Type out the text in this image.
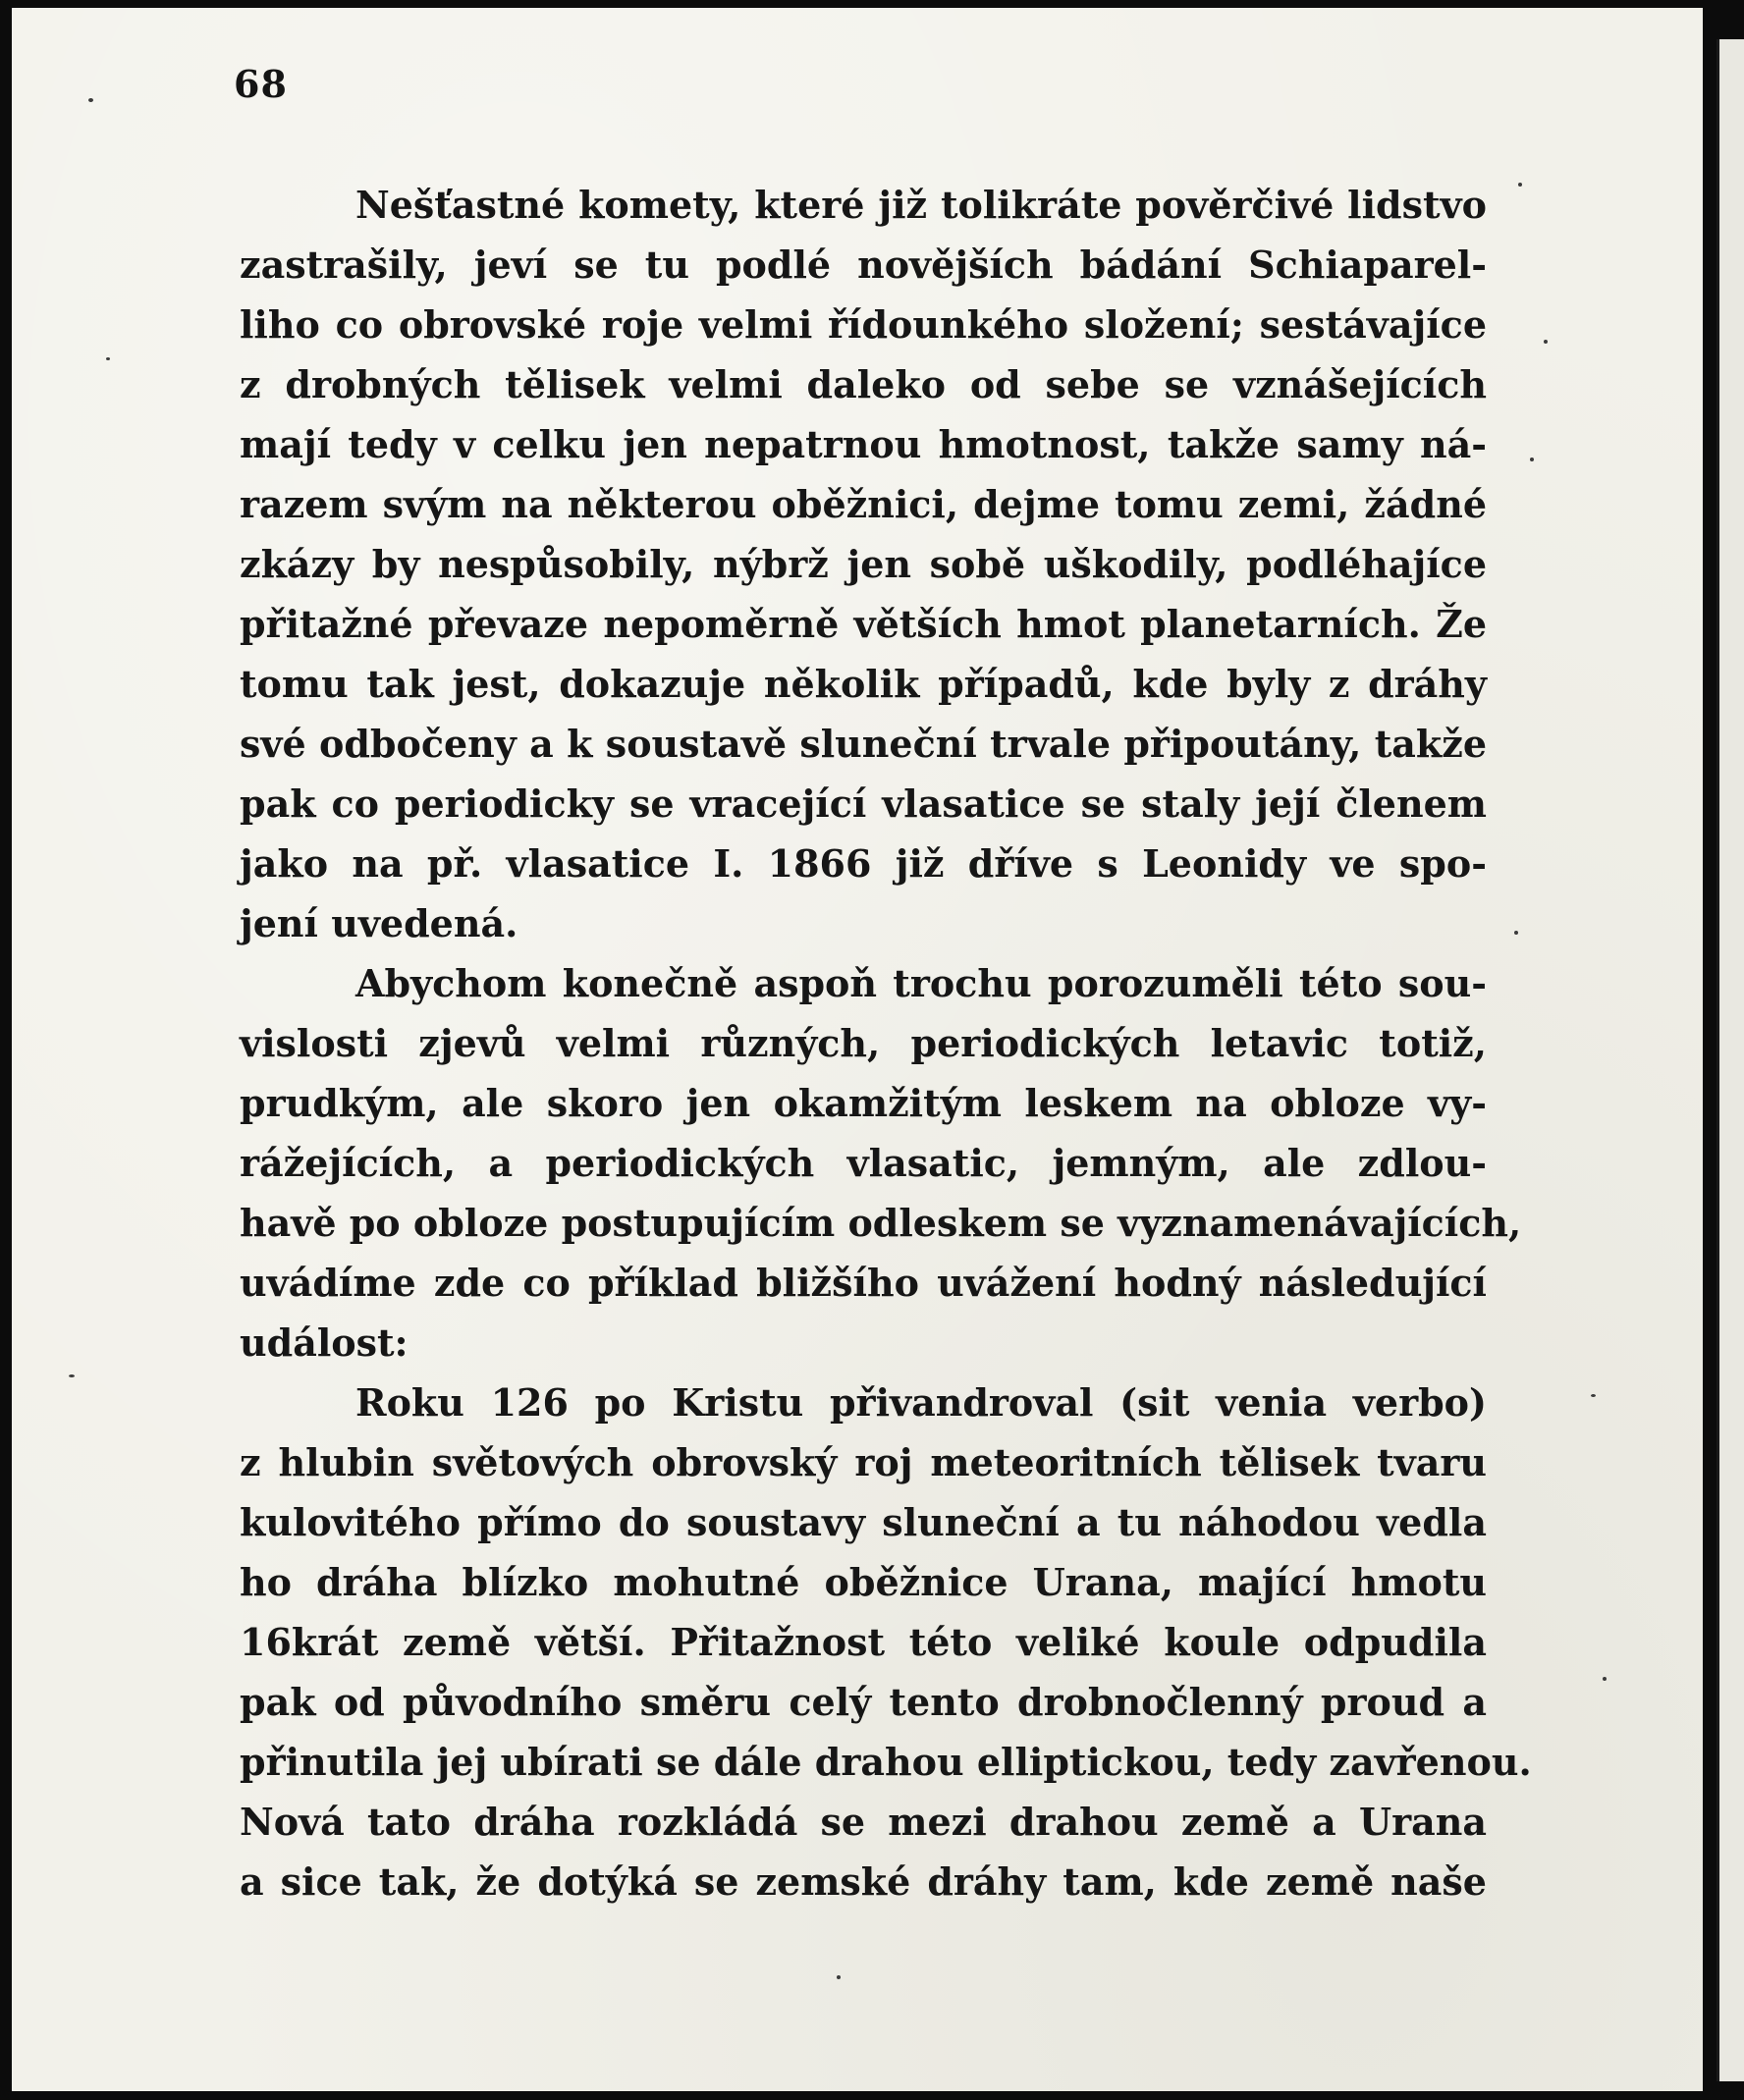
68
Nešťastné komety, které již tolikráte pověrčivé lidstvo
zastrašily, jeví se tu podlé novějších bádání Schiaparel-
liho co obrovské roje velmi řídounkého složení; sestávajíce
z drobných tělisek velmi daleko od sebe se vznášejících
mají tedy v celku jen nepatrnou hmotnost, takže samy ná-
razem svým na některou oběžnici, dejme tomu zemi, žádné
zkázy by nespůsobily, nýbrž jen sobě uškodily, podléhajíce
přitažné převaze nepoměrně větších hmot planetarních. Že
tomu tak jest, dokazuje několik případů, kde byly z dráhy
své odbočeny a k soustavě sluneční trvale připoutány, takže
pak co periodicky se vracející vlasatice se staly její členem
jako na př. vlasatice I. 1866 již dříve s Leonidy ve spo-
jení uvedená.
Abychom konečně aspoň trochu porozuměli této sou-
vislosti zjevů velmi různých, periodických letavic totiž,
prudkým, ale skoro jen okamžitým leskem na obloze vy-
rážejících, a periodických vlasatic, jemným, ale zdlou-
havě po obloze postupujícím odleskem se vyznamenávajících,
uvádíme zde co příklad bližšího uvážení hodný následující
událost:
Roku 126 po Kristu přivandroval (sit venia verbo)
z hlubin světových obrovský roj meteoritních tělisek tvaru
kulovitého přímo do soustavy sluneční a tu náhodou vedla
ho dráha blízko mohutné oběžnice Urana, mající hmotu
16krát země větší. Přitažnost této veliké koule odpudila
pak od původního směru celý tento drobnočlenný proud a
přinutila jej ubírati se dále drahou elliptickou, tedy zavřenou.
Nová tato dráha rozkládá se mezi drahou země a Urana
a sice tak, že dotýká se zemské dráhy tam, kde země naše
